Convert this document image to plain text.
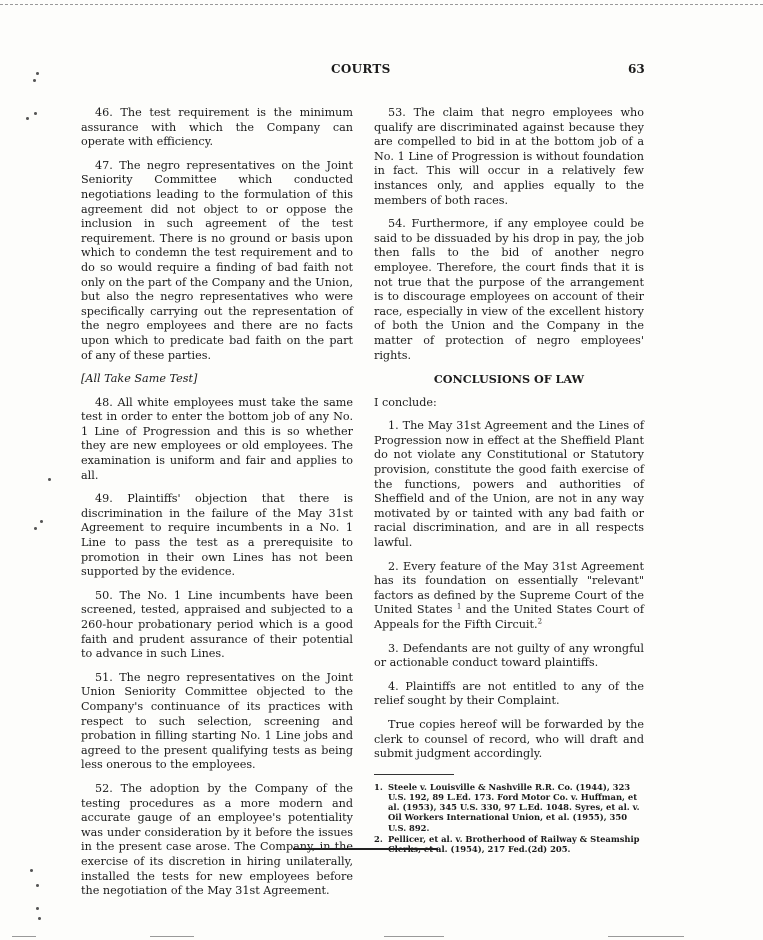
COURTS	63

46. The test requirement is the minimum assurance with which the Company can operate with efficiency.

47. The negro representatives on the Joint Seniority Committee which conducted negotiations leading to the formulation of this agreement did not object to or oppose the inclusion in such agreement of the test requirement. There is no ground or basis upon which to condemn the test requirement and to do so would require a finding of bad faith not only on the part of the Company and the Union, but also the negro representatives who were specifically carrying out the representation of the negro employees and there are no facts upon which to predicate bad faith on the part of any of these parties.

[All Take Same Test]

48. All white employees must take the same test in order to enter the bottom job of any No. 1 Line of Progression and this is so whether they are new employees or old employees. The examination is uniform and fair and applies to all.

49. Plaintiffs' objection that there is discrimination in the failure of the May 31st Agreement to require incumbents in a No. 1 Line to pass the test as a prerequisite to promotion in their own Lines has not been supported by the evidence.

50. The No. 1 Line incumbents have been screened, tested, appraised and subjected to a 260-hour probationary period which is a good faith and prudent assurance of their potential to advance in such Lines.

51. The negro representatives on the Joint Union Seniority Committee objected to the Company's continuance of its practices with respect to such selection, screening and probation in filling starting No. 1 Line jobs and agreed to the present qualifying tests as being less onerous to the employees.

52. The adoption by the Company of the testing procedures as a more modern and accurate gauge of an employee's potentiality was under consideration by it before the issues in the present case arose. The Company, in the exercise of its discretion in hiring unilaterally, installed the tests for new employees before the negotiation of the May 31st Agreement.

53. The claim that negro employees who qualify are discriminated against because they are compelled to bid in at the bottom job of a No. 1 Line of Progression is without foundation in fact. This will occur in a relatively few instances only, and applies equally to the members of both races.

54. Furthermore, if any employee could be said to be dissuaded by his drop in pay, the job then falls to the bid of another negro employee. Therefore, the court finds that it is not true that the purpose of the arrangement is to discourage employees on account of their race, especially in view of the excellent history of both the Union and the Company in the matter of protection of negro employees' rights.

CONCLUSIONS OF LAW

I conclude:

1. The May 31st Agreement and the Lines of Progression now in effect at the Sheffield Plant do not violate any Constitutional or Statutory provision, constitute the good faith exercise of the functions, powers and authorities of Sheffield and of the Union, are not in any way motivated by or tainted with any bad faith or racial discrimination, and are in all respects lawful.

2. Every feature of the May 31st Agreement has its foundation on essentially "relevant" factors as defined by the Supreme Court of the United States $^1$ and the United States Court of Appeals for the Fifth Circuit.$^2$

3. Defendants are not guilty of any wrongful or actionable conduct toward plaintiffs.

4. Plaintiffs are not entitled to any of the relief sought by their Complaint.

True copies hereof will be forwarded by the clerk to counsel of record, who will draft and submit judgment accordingly.

1. Steele v. Louisville & Nashville R.R. Co. (1944), 323 U.S. 192, 89 L.Ed. 173. Ford Motor Co. v. Huffman, et al. (1953), 345 U.S. 330, 97 L.Ed. 1048. Syres, et al. v. Oil Workers International Union, et al. (1955), 350 U.S. 892.
2. Pellicer, et al. v. Brotherhood of Railway & Steamship Clerks, et al. (1954), 217 Fed.(2d) 205.
